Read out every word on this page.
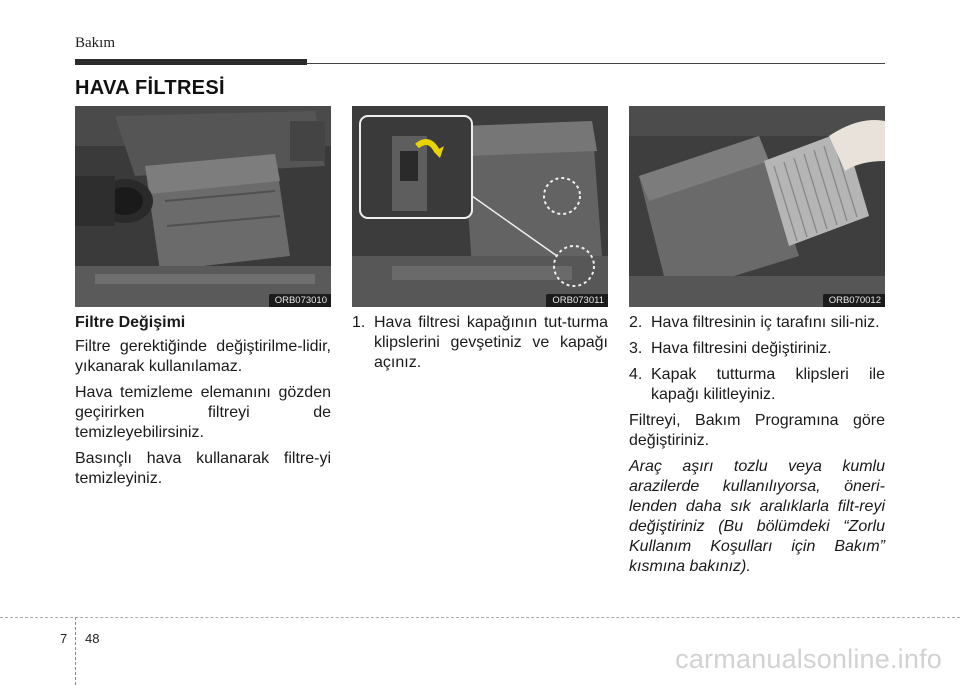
Bakım
HAVA FİLTRESİ
ORB073010	ORB073011	ORB070012

Filtre Değişimi

Filtre gerektiğinde değiştirilme-lidir, yıkanarak kullanılamaz.

Hava temizleme elemanını gözden geçirirken filtreyi de temizleyebilirsiniz.

Basınçlı hava kullanarak filtre-yi temizleyiniz.

1. Hava filtresi kapağının tut-turma klipslerini gevşetiniz ve kapağı açınız.
2. Hava filtresinin iç tarafını sili-niz.
3. Hava filtresini değiştiriniz.
4. Kapak tutturma klipsleri ile kapağı kilitleyiniz.

Filtreyi, Bakım Programına göre değiştiriniz.

Araç aşırı tozlu veya kumlu arazilerde kullanılıyorsa, öneri-lenden daha sık aralıklarla filt-reyi değiştiriniz (Bu bölümdeki “Zorlu Kullanım Koşulları için Bakım” kısmına bakınız).

7 48
carmanualsonline.info
